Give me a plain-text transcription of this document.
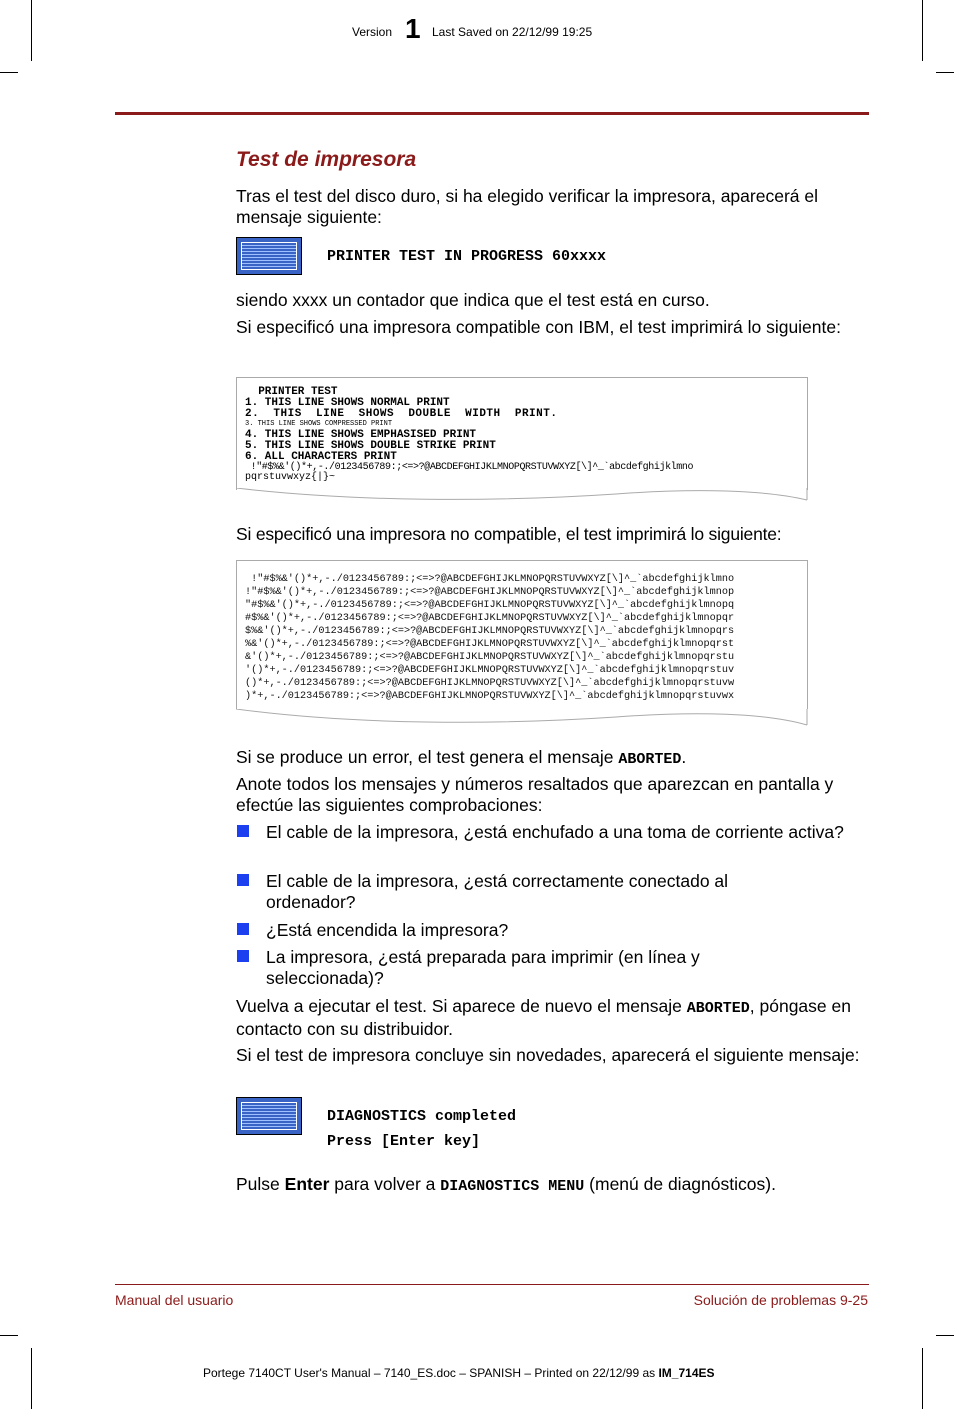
Version 1 Last Saved on 22/12/99 19:25
Test de impresora
Tras el test del disco duro, si ha elegido verificar la impresora, aparecerá el mensaje siguiente:
PRINTER TEST IN PROGRESS 60xxxx
siendo xxxx un contador que indica que el test está en curso.
Si especificó una impresora compatible con IBM, el test imprimirá lo siguiente:
PRINTER TEST
1. THIS LINE SHOWS NORMAL PRINT
2.  THIS  LINE  SHOWS  DOUBLE  WIDTH  PRINT.
3. THIS LINE SHOWS COMPRESSED PRINT
4. THIS LINE SHOWS EMPHASISED PRINT
5. THIS LINE SHOWS DOUBLE STRIKE PRINT
6. ALL CHARACTERS PRINT
!"#$%&'()*+,-./0123456789:;<=>?@ABCDEFGHIJKLMNOPQRSTUVWXYZ[\]^_`abcdefghijklmno
pqrstuvwxyz{|}~
Si especificó una impresora no compatible, el test imprimirá lo siguiente:
!"#$%&'()*+,-./0123456789:;<=>?@ABCDEFGHIJKLMNOPQRSTUVWXYZ[\]^_`abcdefghijklmno
!"#$%&'()*+,-./0123456789:;<=>?@ABCDEFGHIJKLMNOPQRSTUVWXYZ[\]^_`abcdefghijklmnop
"#$%&'()*+,-./0123456789:;<=>?@ABCDEFGHIJKLMNOPQRSTUVWXYZ[\]^_`abcdefghijklmnopq
#$%&'()*+,-./0123456789:;<=>?@ABCDEFGHIJKLMNOPQRSTUVWXYZ[\]^_`abcdefghijklmnopqr
$%&'()*+,-./0123456789:;<=>?@ABCDEFGHIJKLMNOPQRSTUVWXYZ[\]^_`abcdefghijklmnopqrs
%&'()*+,-./0123456789:;<=>?@ABCDEFGHIJKLMNOPQRSTUVWXYZ[\]^_`abcdefghijklmnopqrst
&'()*+,-./0123456789:;<=>?@ABCDEFGHIJKLMNOPQRSTUVWXYZ[\]^_`abcdefghijklmnopqrstu
'()*+,-./0123456789:;<=>?@ABCDEFGHIJKLMNOPQRSTUVWXYZ[\]^_`abcdefghijklmnopqrstuv
()*+,-./0123456789:;<=>?@ABCDEFGHIJKLMNOPQRSTUVWXYZ[\]^_`abcdefghijklmnopqrstuvw
)*+,-./0123456789:;<=>?@ABCDEFGHIJKLMNOPQRSTUVWXYZ[\]^_`abcdefghijklmnopqrstuvwx
Si se produce un error, el test genera el mensaje ABORTED.
Anote todos los mensajes y números resaltados que aparezcan en pantalla y efectúe las siguientes comprobaciones:
El cable de la impresora, ¿está enchufado a una toma de corriente activa?
El cable de la impresora, ¿está correctamente conectado al ordenador?
¿Está encendida la impresora?
La impresora, ¿está preparada para imprimir (en línea y seleccionada)?
Vuelva a ejecutar el test. Si aparece de nuevo el mensaje ABORTED, póngase en contacto con su distribuidor.
Si el test de impresora concluye sin novedades, aparecerá el siguiente mensaje:
DIAGNOSTICS completed
Press [Enter key]
Pulse Enter para volver a DIAGNOSTICS MENU (menú de diagnósticos).
Manual del usuario	Solución de problemas 9-25
Portege 7140CT User's Manual – 7140_ES.doc – SPANISH – Printed on 22/12/99 as IM_714ES
